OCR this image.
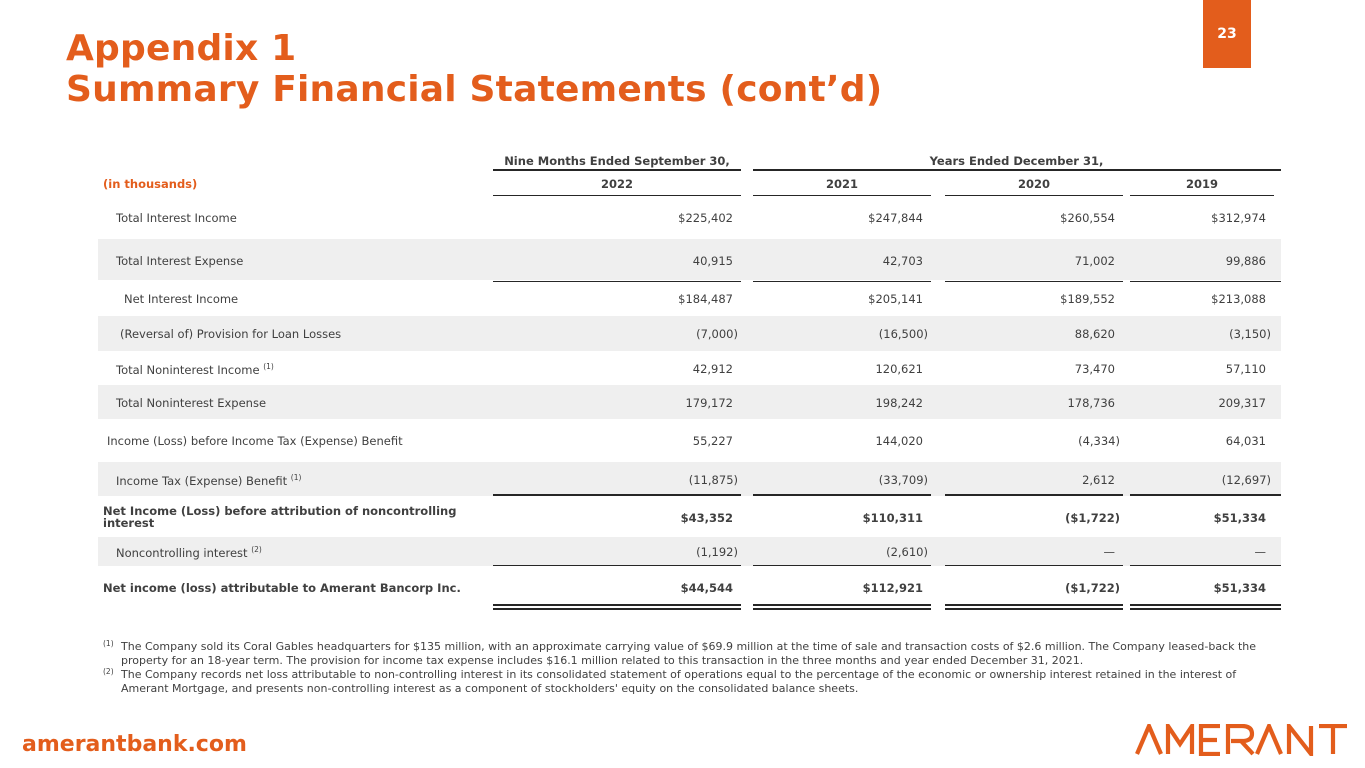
Appendix 1
Summary Financial Statements (cont’d)
23
Nine Months Ended September 30,	Years Ended December 31,
(in thousands)	2022	2021	2020	2019
Total Interest Income	$225,402	$247,844	$260,554	$312,974
Total Interest Expense	40,915	42,703	71,002	99,886
Net Interest Income	$184,487	$205,141	$189,552	$213,088
(Reversal of) Provision for Loan Losses	(7,000)	(16,500)	88,620	(3,150)
Total Noninterest Income $^{(1)}$	42,912	120,621	73,470	57,110
Total Noninterest Expense	179,172	198,242	178,736	209,317
Income (Loss) before Income Tax (Expense) Benefit	55,227	144,020	(4,334)	64,031
Income Tax (Expense) Benefit $^{(1)}$	(11,875)	(33,709)	2,612	(12,697)
Net Income (Loss) before attribution of noncontrolling interest	$43,352	$110,311	($1,722)	$51,334
Noncontrolling interest $^{(2)}$	(1,192)	(2,610)	—	—
Net income (loss) attributable to Amerant Bancorp Inc.	$44,544	$112,921	($1,722)	$51,334
(1) The Company sold its Coral Gables headquarters for $135 million, with an approximate carrying value of $69.9 million at the time of sale and transaction costs of $2.6 million. The Company leased-back the property for an 18-year term. The provision for income tax expense includes $16.1 million related to this transaction in the three months and year ended December 31, 2021.
(2) The Company records net loss attributable to non-controlling interest in its consolidated statement of operations equal to the percentage of the economic or ownership interest retained in the interest of Amerant Mortgage, and presents non-controlling interest as a component of stockholders' equity on the consolidated balance sheets.
amerantbank.com
